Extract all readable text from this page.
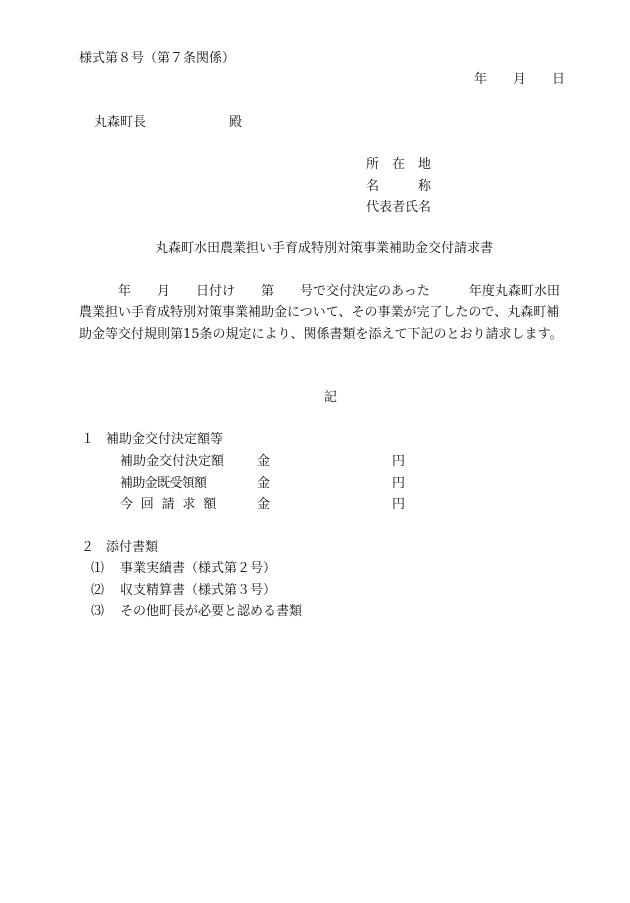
様式第８号（第７条関係）
年　　月　　日
丸森町長	殿
所　在　地
名　　　称
代表者氏名
丸森町水田農業担い手育成特別対策事業補助金交付請求書
年　　月　　日付け　　第　　号で交付決定のあった　　　年度丸森町水田
農業担い手育成特別対策事業補助金について、その事業が完了したので、丸森町補
助金等交付規則第15条の規定により、関係書類を添えて下記のとおり請求します。
記
１ 補助金交付決定額等
補助金交付決定額	金	円
補 助 金 既 受 領 額	金	円
今　回　請　求　額	金	円
２ 添付書類
⑴ 事業実績書（様式第２号）
⑵ 収支精算書（様式第３号）
⑶ その他町長が必要と認める書類
